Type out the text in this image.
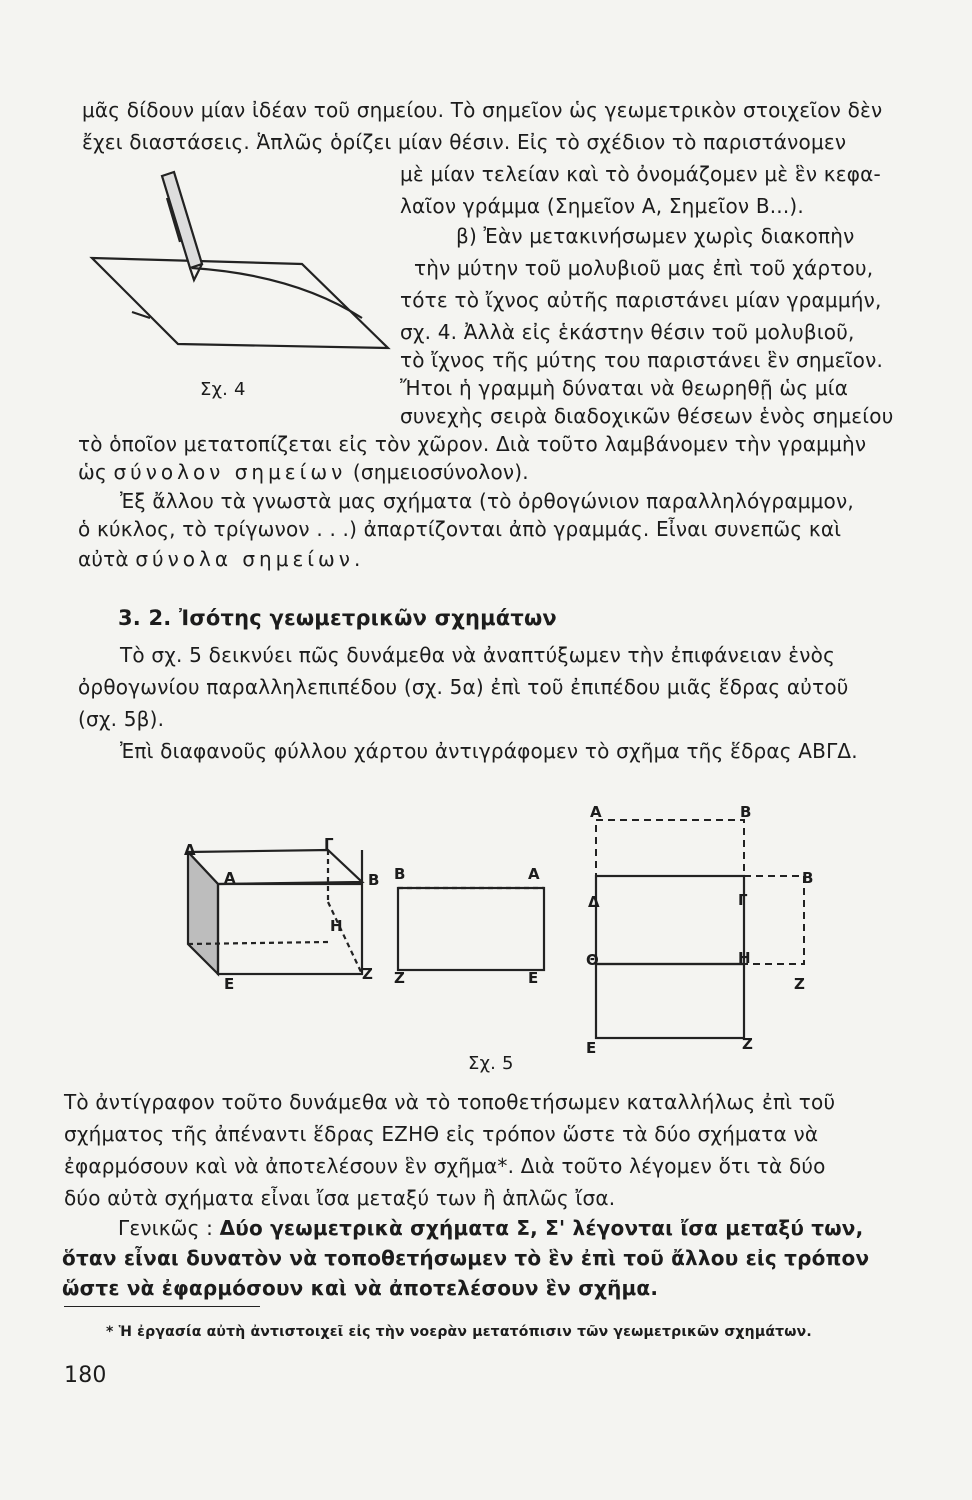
μᾶς δίδουν μίαν ἰδέαν τοῦ σημείου. Τὸ σημεῖον ὡς γεωμετρικὸν στοιχεῖον δὲν
ἔχει διαστάσεις. Ἁπλῶς ὁρίζει μίαν θέσιν. Εἰς τὸ σχέδιον τὸ παριστάνομεν
μὲ μίαν τελείαν καὶ τὸ ὀνομάζομεν μὲ ἓν κεφα-
λαῖον γράμμα (Σημεῖον Α, Σημεῖον Β...).
β) Ἐὰν μετακινήσωμεν χωρὶς διακοπὴν
τὴν μύτην τοῦ μολυβιοῦ μας ἐπὶ τοῦ χάρτου,
τότε τὸ ἴχνος αὐτῆς παριστάνει μίαν γραμμήν,
σχ. 4. Ἀλλὰ εἰς ἑκάστην θέσιν τοῦ μολυβιοῦ,
τὸ ἴχνος τῆς μύτης του παριστάνει ἓν σημεῖον.
Ἤτοι ἡ γραμμὴ δύναται νὰ θεωρηθῇ ὡς μία
συνεχὴς σειρὰ διαδοχικῶν θέσεων ἑνὸς σημείου
τὸ ὁποῖον μετατοπίζεται εἰς τὸν χῶρον. Διὰ τοῦτο λαμβάνομεν τὴν γραμμὴν
ὡς σύνολον σημείων (σημειοσύνολον).
Σχ. 4
Ἐξ ἄλλου τὰ γνωστὰ μας σχήματα (τὸ ὀρθογώνιον παραλληλόγραμμον,
ὁ κύκλος, τὸ τρίγωνον . . .) ἀπαρτίζονται ἀπὸ γραμμάς. Εἶναι συνεπῶς καὶ
αὐτὰ σύνολα σημείων.
3. 2. Ἰσότης γεωμετρικῶν σχημάτων
Τὸ σχ. 5 δεικνύει πῶς δυνάμεθα νὰ ἀναπτύξωμεν τὴν ἐπιφάνειαν ἑνὸς
ὀρθογωνίου παραλληλεπιπέδου (σχ. 5α) ἐπὶ τοῦ ἐπιπέδου μιᾶς ἕδρας αὐτοῦ
(σχ. 5β).
Ἐπὶ διαφανοῦς φύλλου χάρτου ἀντιγράφομεν τὸ σχῆμα τῆς ἕδρας ΑΒΓΔ.
Δ	Γ
Α	Β
Η
Ε
Ζ
Β	Α
Ζ	Ε
Α	Β
Δ	Γ
Β
Θ	Η
Ζ
Ε	Ζ
Σχ. 5
Τὸ ἀντίγραφον τοῦτο δυνάμεθα νὰ τὸ τοποθετήσωμεν καταλλήλως ἐπὶ τοῦ
σχήματος τῆς ἀπέναντι ἕδρας ΕΖΗΘ εἰς τρόπον ὥστε τὰ δύο σχήματα νὰ
ἐφαρμόσουν καὶ νὰ ἀποτελέσουν ἓν σχῆμα*. Διὰ τοῦτο λέγομεν ὅτι τὰ δύο
δύο αὐτὰ σχήματα εἶναι ἴσα μεταξύ των ἢ ἁπλῶς ἴσα.
Γενικῶς : Δύο γεωμετρικὰ σχήματα Σ, Σ' λέγονται ἴσα μεταξύ των,
ὅταν εἶναι δυνατὸν νὰ τοποθετήσωμεν τὸ ἓν ἐπὶ τοῦ ἄλλου εἰς τρόπον
ὥστε νὰ ἐφαρμόσουν καὶ νὰ ἀποτελέσουν ἓν σχῆμα.
* Ἡ ἐργασία αὐτὴ ἀντιστοιχεῖ εἰς τὴν νοερὰν μετατόπισιν τῶν γεωμετρικῶν σχημάτων.
180
